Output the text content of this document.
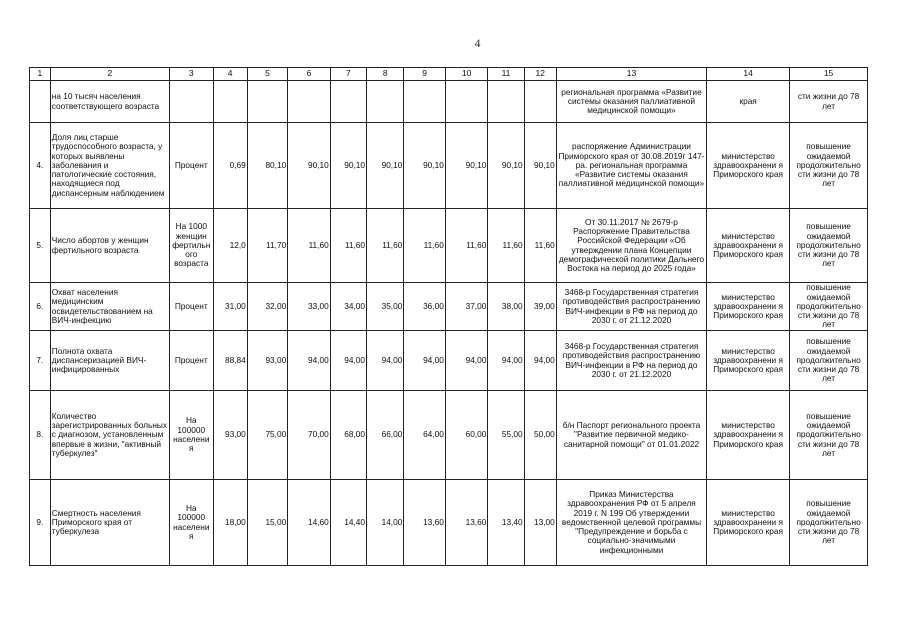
4
1	2	3	4	5	6	7	8	9	10	11	12	13	14	15
	на 10 тысяч населения соответствующего возраста											региональная программа «Развитие системы оказания паллиативной медицинской помощи»	края	сти жизни до 78 лет
4.	Доля лиц старше трудоспособного возраста, у которых выявлены заболевания и патологические состояния, находящиеся под диспансерным наблюдением	Процент	0,69	80,10	90,10	90,10	90,10	90,10	90,10	90,10	90,10	распоряжение Администрации Приморского края от 30.08.2019г 147-ра. региональная программа «Развитие системы оказания паллиативной медицинской помощи»	министерство здравоохранени я Приморского края	повышение ожидаемой продолжительно сти жизни до 78 лет
5.	Число абортов у женщин фертильного возраста	На 1000 женщин фертильн ого возраста	12,0	11,70	11,60	11,60	11,60	11,60	11,60	11,60	11,60	От 30.11.2017 № 2679-р Распоряжение Правительства Российской Федерации «Об утверждении плана Концепции демографической политики Дальнего Востока на период до 2025 года»	министерство здравоохранени я Приморского края	повышение ожидаемой продолжительно сти жизни до 78 лет
6.	Охват населения медицинским освидетельствованием на ВИЧ-инфекцию	Процент	31,00	32,00	33,00	34,00	35,00	36,00	37,00	38,00	39,00	3468-р Государственная стратегия противодействия распространению ВИЧ-инфекции в РФ на период до 2030 г. от 21.12.2020	министерство здравоохранени я Приморского края	повышение ожидаемой продолжительно сти жизни до 78 лет
7.	Полнота охвата диспансеризацией ВИЧ-инфицированных	Процент	88,84	93,00	94,00	94,00	94,00	94,00	94,00	94,00	94,00	3468-р Государственная стратегия противодействия распространению ВИЧ-инфекции в РФ на период до 2030 г. от 21.12.2020	министерство здравоохранени я Приморского края	повышение ожидаемой продолжительно сти жизни до 78 лет
8.	Количество зарегистрированных больных с диагнозом, установленным впервые в жизни, "активный туберкулез"	На 100000 населени я	93,00	75,00	70,00	68,00	66,00	64,00	60,00	55,00	50,00	б/н Паспорт регионального проекта "Развитие первичной медико-санитарной помощи" от 01.01.2022	министерство здравоохранени я Приморского края	повышение ожидаемой продолжительно сти жизни до 78 лет
9.	Смертность населения Приморского края от туберкулеза	На 100000 населени я	18,00	15,00	14,60	14,40	14,00	13,60	13,60	13,40	13,00	Приказ Министерства здравоохранения РФ от 5 апреля 2019 г. N 199 Об утверждении ведомственной целевой программы "Предупреждение и борьба с социально-значимыми инфекционными	министерство здравоохранени я Приморского края	повышение ожидаемой продолжительно сти жизни до 78 лет
